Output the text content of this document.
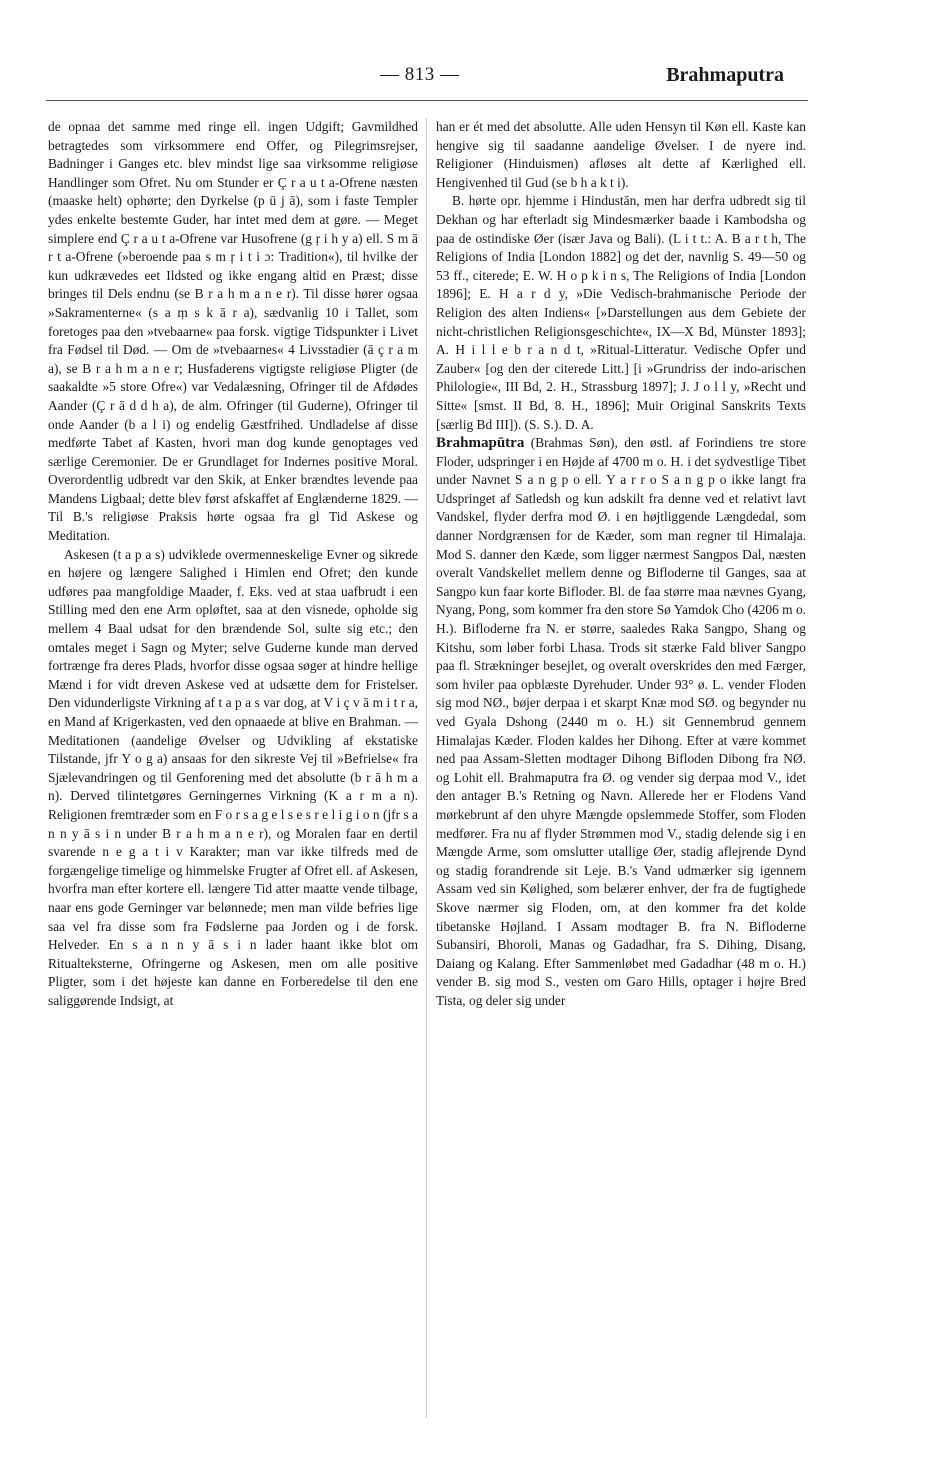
— 813 —	Brahmaputra

de opnaa det samme med ringe ell. ingen Udgift; Gavmildhed betragtedes som virksommere end Offer, og Pilegrimsrejser, Badninger i Ganges etc. blev mindst lige saa virksomme religiøse Handlinger som Ofret. Nu om Stunder er Ç r a u t a-Ofrene næsten (maaske helt) ophørte; den Dyrkelse (p ū j ā), som i faste Templer ydes enkelte bestemte Guder, har intet med dem at gøre. — Meget simplere end Ç r a u t a-Ofrene var Husofrene (g ŗ i h y a) ell. S m ā r t a-Ofrene (»beroende paa s m ŗ i t i ɔ: Tradition«), til hvilke der kun udkrævedes eet Ildsted og ikke engang altid en Præst; disse bringes til Dels endnu (se B r a h m a n e r). Til disse hører ogsaa »Sakramenterne« (s a ṃ s k ā r a), sædvanlig 10 i Tallet, som foretoges paa den »tvebaarne« paa forsk. vigtige Tidspunkter i Livet fra Fødsel til Død. — Om de »tvebaarnes« 4 Livsstadier (ā ç r a m a), se B r a h m a n e r; Husfaderens vigtigste religiøse Pligter (de saakaldte »5 store Ofre«) var Vedalæsning, Ofringer til de Afdødes Aander (Ç r ā d d h a), de alm. Ofringer (til Guderne), Ofringer til onde Aander (b a l i) og endelig Gæstfrihed. Undladelse af disse medførte Tabet af Kasten, hvori man dog kunde genoptages ved særlige Ceremonier. De er Grundlaget for Indernes positive Moral. Overordentlig udbredt var den Skik, at Enker brændtes levende paa Mandens Ligbaal; dette blev først afskaffet af Englænderne 1829. — Til B.'s religiøse Praksis hørte ogsaa fra gl Tid Askese og Meditation.

Askesen (t a p a s) udviklede overmenneskelige Evner og sikrede en højere og længere Salighed i Himlen end Ofret; den kunde udføres paa mangfoldige Maader, f. Eks. ved at staa uafbrudt i een Stilling med den ene Arm opløftet, saa at den visnede, opholde sig mellem 4 Baal udsat for den brændende Sol, sulte sig etc.; den omtales meget i Sagn og Myter; selve Guderne kunde man derved fortrænge fra deres Plads, hvorfor disse ogsaa søger at hindre hellige Mænd i for vidt dreven Askese ved at udsætte dem for Fristelser. Den vidunderligste Virkning af t a p a s var dog, at V i ç v ā m i t r a, en Mand af Krigerkasten, ved den opnaaede at blive en Brahman. — Meditationen (aandelige Øvelser og Udvikling af ekstatiske Tilstande, jfr Y o g a) ansaas for den sikreste Vej til »Befrielse« fra Sjælevandringen og til Genforening med det absolutte (b r ā h m a n). Derved tilintetgøres Gerningernes Virkning (K a r m a n). Religionen fremtræder som en F o r s a g e l s e s r e l i g i o n (jfr s a n n y ā s i n under B r a h m a n e r), og Moralen faar en dertil svarende n e g a t i v Karakter; man var ikke tilfreds med de forgængelige timelige og himmelske Frugter af Ofret ell. af Askesen, hvorfra man efter kortere ell. længere Tid atter maatte vende tilbage, naar ens gode Gerninger var belønnede; men man vilde befries lige saa vel fra disse som fra Fødslerne paa Jorden og i de forsk. Helveder. En s a n n y ā s i n lader haant ikke blot om Ritualteksterne, Ofringerne og Askesen, men om alle positive Pligter, som i det højeste kan danne en Forberedelse til den ene saliggørende Indsigt, at

han er ét med det absolutte. Alle uden Hensyn til Køn ell. Kaste kan hengive sig til saadanne aandelige Øvelser. I de nyere ind. Religioner (Hinduismen) afløses alt dette af Kærlighed ell. Hengivenhed til Gud (se b h a k t i).

B. hørte opr. hjemme i Hindustān, men har derfra udbredt sig til Dekhan og har efterladt sig Mindesmærker baade i Kambodsha og paa de ostindiske Øer (især Java og Bali). (L i t t.: A. B a r t h, The Religions of India [London 1882] og det der, navnlig S. 49—50 og 53 ff., citerede; E. W. H o p k i n s, The Religions of India [London 1896]; E. H a r d y, »Die Vedisch-brahmanische Periode der Religion des alten Indiens« [»Darstellungen aus dem Gebiete der nicht-christlichen Religionsgeschichte«, IX—X Bd, Münster 1893]; A. H i l l e b r a n d t, »Ritual-Litteratur. Vedische Opfer und Zauber« [og den der citerede Litt.] [i »Grundriss der indo-arischen Philologie«, III Bd, 2. H., Strassburg 1897]; J. J o l l y, »Recht und Sitte« [smst. II Bd, 8. H., 1896]; Muir Original Sanskrits Texts [særlig Bd III]). (S. S.). D. A.

Brahmapūtra (Brahmas Søn), den østl. af Forindiens tre store Floder, udspringer i en Højde af 4700 m o. H. i det sydvestlige Tibet under Navnet S a n g p o ell. Y a r r o S a n g p o ikke langt fra Udspringet af Satledsh og kun adskilt fra denne ved et relativt lavt Vandskel, flyder derfra mod Ø. i en højtliggende Længdedal, som danner Nordgrænsen for de Kæder, som man regner til Himalaja. Mod S. danner den Kæde, som ligger nærmest Sangpos Dal, næsten overalt Vandskellet mellem denne og Bifloderne til Ganges, saa at Sangpo kun faar korte Bifloder. Bl. de faa større maa nævnes Gyang, Nyang, Pong, som kommer fra den store Sø Yamdok Cho (4206 m o. H.). Bifloderne fra N. er større, saaledes Raka Sangpo, Shang og Kitshu, som løber forbi Lhasa. Trods sit stærke Fald bliver Sangpo paa fl. Strækninger besejlet, og overalt overskrides den med Færger, som hviler paa opblæste Dyrehuder. Under 93° ø. L. vender Floden sig mod NØ., bøjer derpaa i et skarpt Knæ mod SØ. og begynder nu ved Gyala Dshong (2440 m o. H.) sit Gennembrud gennem Himalajas Kæder. Floden kaldes her Dihong. Efter at være kommet ned paa Assam-Sletten modtager Dihong Bifloden Dibong fra NØ. og Lohit ell. Brahmaputra fra Ø. og vender sig derpaa mod V., idet den antager B.'s Retning og Navn. Allerede her er Flodens Vand mørkebrunt af den uhyre Mængde opslemmede Stoffer, som Floden medfører. Fra nu af flyder Strømmen mod V., stadig delende sig i en Mængde Arme, som omslutter utallige Øer, stadig aflejrende Dynd og stadig forandrende sit Leje. B.'s Vand udmærker sig igennem Assam ved sin Kølighed, som belærer enhver, der fra de fugtighede Skove nærmer sig Floden, om, at den kommer fra det kolde tibetanske Højland. I Assam modtager B. fra N. Bifloderne Subansiri, Bhoroli, Manas og Gadadhar, fra S. Dihing, Disang, Daiang og Kalang. Efter Sammenløbet med Gadadhar (48 m o. H.) vender B. sig mod S., vesten om Garo Hills, optager i højre Bred Tista, og deler sig under
